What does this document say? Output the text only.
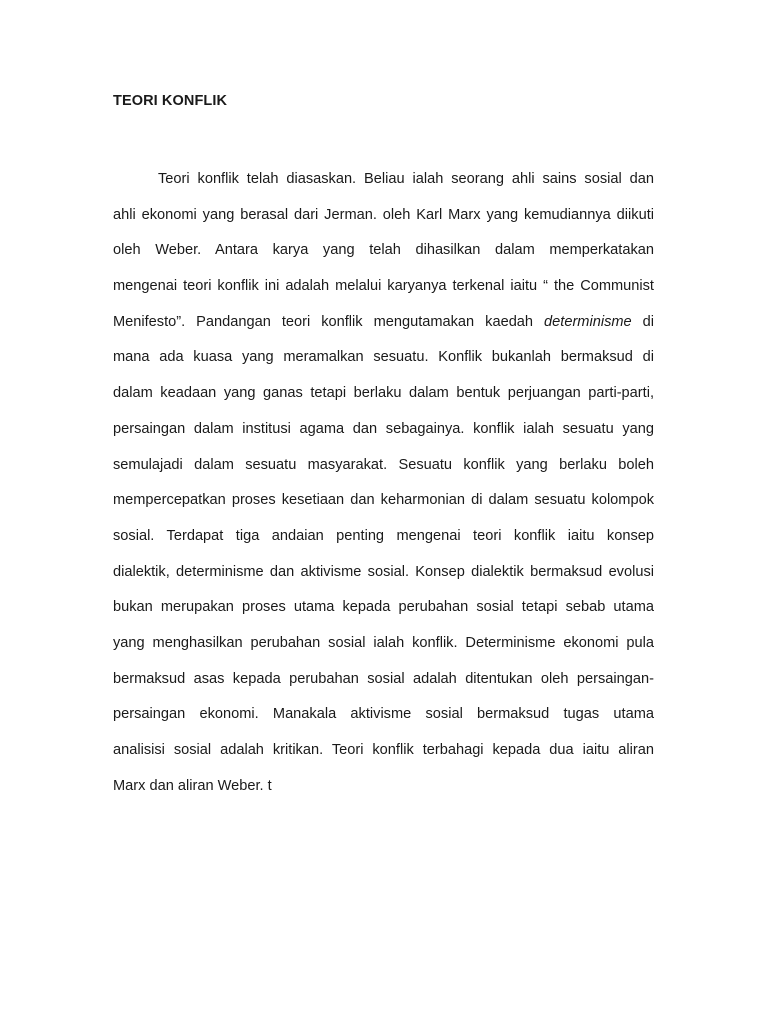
TEORI KONFLIK
Teori konflik telah diasaskan. Beliau ialah seorang ahli sains sosial dan
ahli ekonomi yang berasal dari Jerman. oleh Karl Marx yang kemudiannya diikuti
oleh Weber. Antara karya yang telah dihasilkan dalam memperkatakan
mengenai teori konflik ini adalah melalui karyanya terkenal iaitu “ the Communist
Menifesto”. Pandangan teori konflik mengutamakan kaedah determinisme di
mana ada kuasa yang meramalkan sesuatu. Konflik bukanlah bermaksud di
dalam keadaan yang ganas tetapi berlaku dalam bentuk perjuangan parti-parti,
persaingan dalam institusi agama dan sebagainya. konflik ialah sesuatu yang
semulajadi dalam sesuatu masyarakat. Sesuatu konflik yang berlaku boleh
mempercepatkan proses kesetiaan dan keharmonian di dalam sesuatu kolompok
sosial. Terdapat tiga andaian penting mengenai teori konflik iaitu konsep
dialektik, determinisme dan aktivisme sosial. Konsep dialektik bermaksud evolusi
bukan merupakan proses utama kepada perubahan sosial tetapi sebab utama
yang menghasilkan perubahan sosial ialah konflik. Determinisme ekonomi pula
bermaksud asas kepada perubahan sosial adalah ditentukan oleh persaingan-
persaingan ekonomi. Manakala aktivisme sosial bermaksud tugas utama
analisisi sosial adalah kritikan. Teori konflik terbahagi kepada dua iaitu aliran
Marx dan aliran Weber. t
